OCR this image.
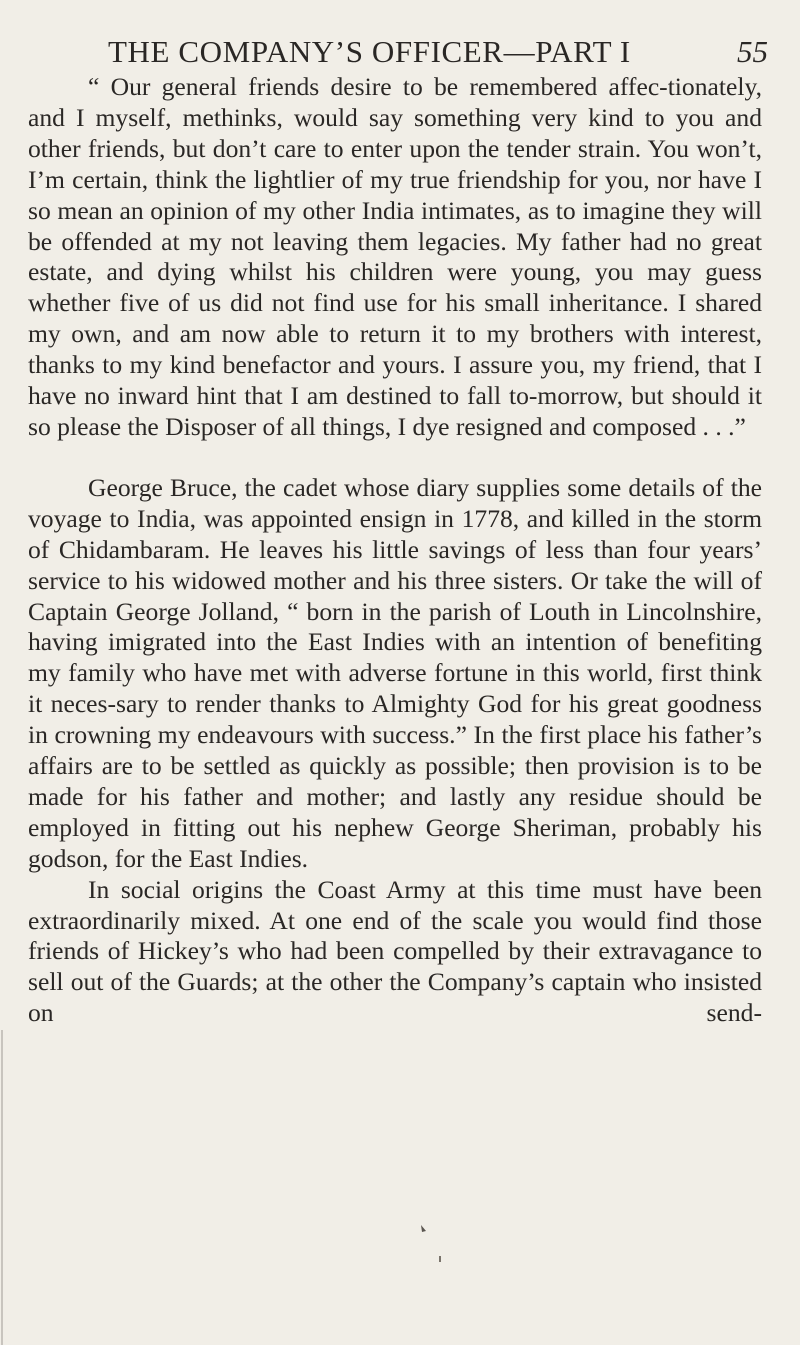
THE COMPANY’S OFFICER—PART I	55

“ Our general friends desire to be remembered affec-tionately, and I myself, methinks, would say something very kind to you and other friends, but don’t care to enter upon the tender strain. You won’t, I’m certain, think the lightlier of my true friendship for you, nor have I so mean an opinion of my other India intimates, as to imagine they will be offended at my not leaving them legacies. My father had no great estate, and dying whilst his children were young, you may guess whether five of us did not find use for his small inheritance. I shared my own, and am now able to return it to my brothers with interest, thanks to my kind benefactor and yours. I assure you, my friend, that I have no inward hint that I am destined to fall to-morrow, but should it so please the Disposer of all things, I dye resigned and composed . . .”

George Bruce, the cadet whose diary supplies some details of the voyage to India, was appointed ensign in 1778, and killed in the storm of Chidambaram. He leaves his little savings of less than four years’ service to his widowed mother and his three sisters. Or take the will of Captain George Jolland, “ born in the parish of Louth in Lincolnshire, having imigrated into the East Indies with an intention of benefiting my family who have met with adverse fortune in this world, first think it neces-sary to render thanks to Almighty God for his great goodness in crowning my endeavours with success.” In the first place his father’s affairs are to be settled as quickly as possible; then provision is to be made for his father and mother; and lastly any residue should be employed in fitting out his nephew George Sheriman, probably his godson, for the East Indies.

In social origins the Coast Army at this time must have been extraordinarily mixed. At one end of the scale you would find those friends of Hickey’s who had been compelled by their extravagance to sell out of the Guards; at the other the Company’s captain who insisted on send-
